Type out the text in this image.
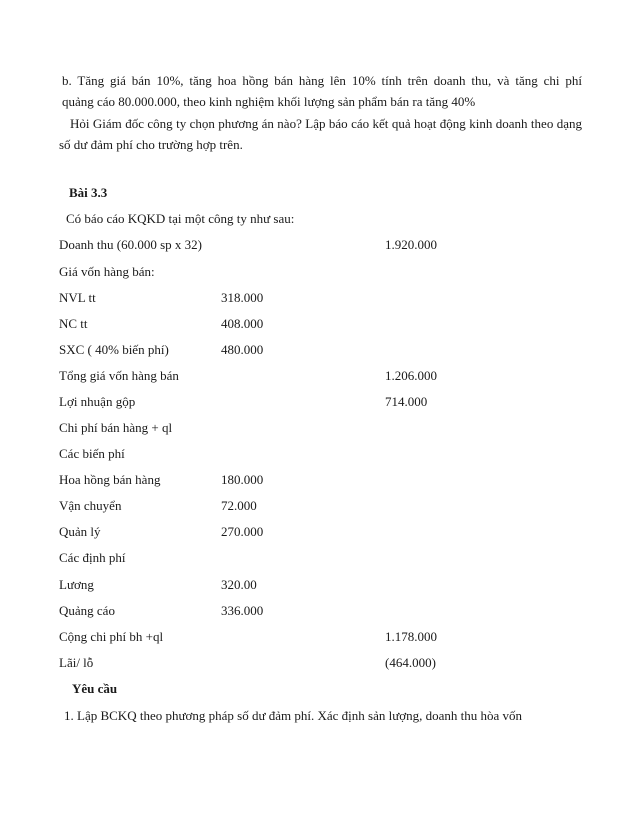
b. Tăng giá bán 10%, tăng hoa hồng bán hàng lên 10% tính trên doanh thu, và tăng chi phí
quảng cáo 80.000.000, theo kinh nghiệm khối lượng sản phẩm bán ra tăng 40%
Hỏi Giám đốc công ty chọn phương án nào? Lập báo cáo kết quả hoạt động kinh doanh theo dạng
số dư đảm phí cho trường hợp trên.
Bài 3.3
Có báo cáo KQKD tại một công ty như sau:
Doanh thu (60.000 sp x 32)	1.920.000
Giá vốn hàng bán:
NVL tt	318.000
NC tt	408.000
SXC ( 40% biến phí)	480.000
Tổng giá vốn hàng bán	1.206.000
Lợi nhuận gộp	714.000
Chi phí bán hàng + ql
Các biến phí
Hoa hồng bán hàng	180.000
Vận chuyển	72.000
Quản lý	270.000
Các định phí
Lương	320.00
Quảng cáo	336.000
Cộng chi phí bh +ql	1.178.000
Lãi/ lỗ	(464.000)
Yêu cầu
1. Lập BCKQ theo phương pháp số dư đảm phí. Xác định sản lượng, doanh thu hòa vốn
